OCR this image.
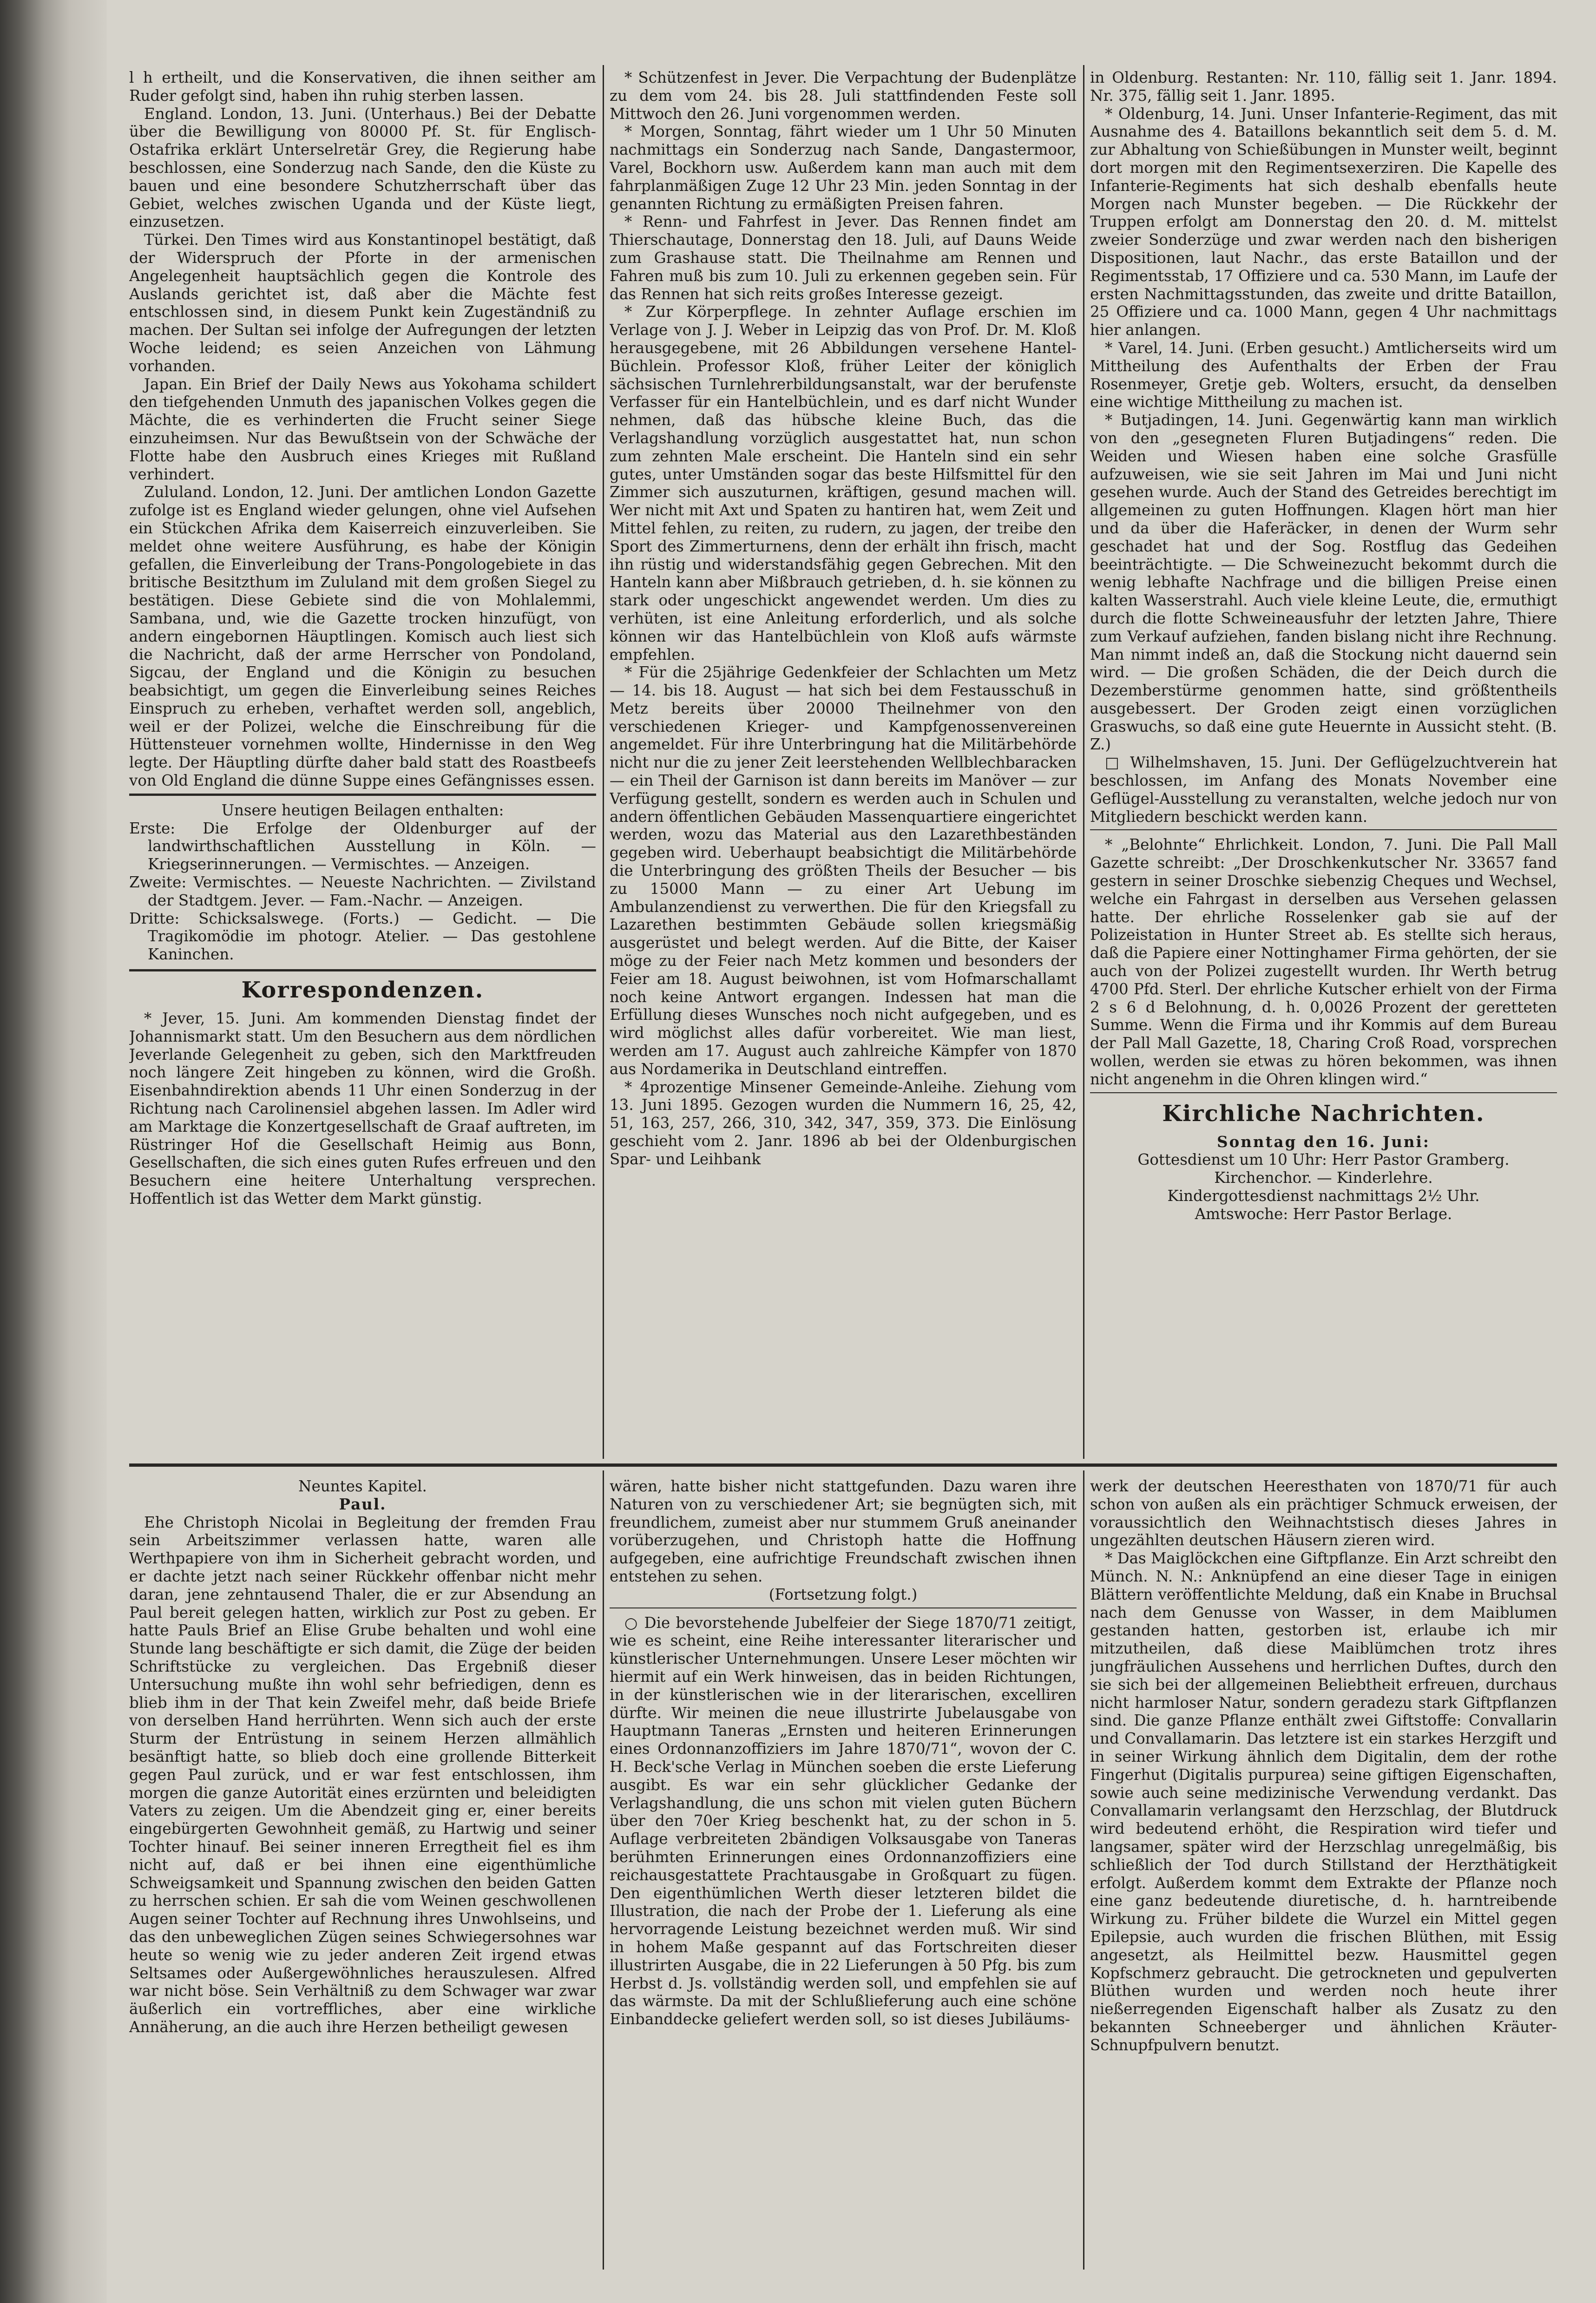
l h ertheilt, und die Konservativen, die ihnen seither am Ruder gefolgt sind, haben ihn ruhig sterben lassen.

England. London, 13. Juni. (Unterhaus.) Bei der Debatte über die Bewilligung von 80000 Pf. St. für Englisch-Ostafrika erklärt Unterselretär Grey, die Regierung habe beschlossen, eine Sonderzug nach Sande, den die Küste zu bauen und eine besondere Schutzherrschaft über das Gebiet, welches zwischen Uganda und der Küste liegt, einzusetzen.

Türkei. Den Times wird aus Konstantinopel bestätigt, daß der Widerspruch der Pforte in der armenischen Angelegenheit hauptsächlich gegen die Kontrole des Auslands gerichtet ist, daß aber die Mächte fest entschlossen sind, in diesem Punkt kein Zugeständniß zu machen. Der Sultan sei infolge der Aufregungen der letzten Woche leidend; es seien Anzeichen von Lähmung vorhanden.

Japan. Ein Brief der Daily News aus Yokohama schildert den tiefgehenden Unmuth des japanischen Volkes gegen die Mächte, die es verhinderten die Frucht seiner Siege einzuheimsen. Nur das Bewußtsein von der Schwäche der Flotte habe den Ausbruch eines Krieges mit Rußland verhindert.

Zululand. London, 12. Juni. Der amtlichen London Gazette zufolge ist es England wieder gelungen, ohne viel Aufsehen ein Stückchen Afrika dem Kaiserreich einzuverleiben. Sie meldet ohne weitere Ausführung, es habe der Königin gefallen, die Einverleibung der Trans-Pongologebiete in das britische Besitzthum im Zululand mit dem großen Siegel zu bestätigen. Diese Gebiete sind die von Mohlalemmi, Sambana, und, wie die Gazette trocken hinzufügt, von andern eingebornen Häuptlingen. Komisch auch liest sich die Nachricht, daß der arme Herrscher von Pondoland, Sigcau, der England und die Königin zu besuchen beabsichtigt, um gegen die Einverleibung seines Reiches Einspruch zu erheben, verhaftet werden soll, angeblich, weil er der Polizei, welche die Einschreibung für die Hüttensteuer vornehmen wollte, Hindernisse in den Weg legte. Der Häuptling dürfte daher bald statt des Roastbeefs von Old England die dünne Suppe eines Gefängnisses essen.

Unsere heutigen Beilagen enthalten:

Erste: Die Erfolge der Oldenburger auf der landwirthschaftlichen Ausstellung in Köln. — Kriegserinnerungen. — Vermischtes. — Anzeigen.

Zweite: Vermischtes. — Neueste Nachrichten. — Zivilstand der Stadtgem. Jever. — Fam.-Nachr. — Anzeigen.

Dritte: Schicksalswege. (Forts.) — Gedicht. — Die Tragikomödie im photogr. Atelier. — Das gestohlene Kaninchen.

Korrespondenzen.

* Jever, 15. Juni. Am kommenden Dienstag findet der Johannismarkt statt. Um den Besuchern aus dem nördlichen Jeverlande Gelegenheit zu geben, sich den Marktfreuden noch längere Zeit hingeben zu können, wird die Großh. Eisenbahndirektion abends 11 Uhr einen Sonderzug in der Richtung nach Carolinensiel abgehen lassen. Im Adler wird am Marktage die Konzertgesellschaft de Graaf auftreten, im Rüstringer Hof die Gesellschaft Heimig aus Bonn, Gesellschaften, die sich eines guten Rufes erfreuen und den Besuchern eine heitere Unterhaltung versprechen. Hoffentlich ist das Wetter dem Markt günstig.

* Schützenfest in Jever. Die Verpachtung der Budenplätze zu dem vom 24. bis 28. Juli stattfindenden Feste soll Mittwoch den 26. Juni vorgenommen werden.

* Morgen, Sonntag, fährt wieder um 1 Uhr 50 Minuten nachmittags ein Sonderzug nach Sande, Dangastermoor, Varel, Bockhorn usw. Außerdem kann man auch mit dem fahrplanmäßigen Zuge 12 Uhr 23 Min. jeden Sonntag in der genannten Richtung zu ermäßigten Preisen fahren.

* Renn- und Fahrfest in Jever. Das Rennen findet am Thierschautage, Donnerstag den 18. Juli, auf Dauns Weide zum Grashause statt. Die Theilnahme am Rennen und Fahren muß bis zum 10. Juli zu erkennen gegeben sein. Für das Rennen hat sich reits großes Interesse gezeigt.

* Zur Körperpflege. In zehnter Auflage erschien im Verlage von J. J. Weber in Leipzig das von Prof. Dr. M. Kloß herausgegebene, mit 26 Abbildungen versehene Hantel-Büchlein. Professor Kloß, früher Leiter der königlich sächsischen Turnlehrerbildungsanstalt, war der berufenste Verfasser für ein Hantelbüchlein, und es darf nicht Wunder nehmen, daß das hübsche kleine Buch, das die Verlagshandlung vorzüglich ausgestattet hat, nun schon zum zehnten Male erscheint. Die Hanteln sind ein sehr gutes, unter Umständen sogar das beste Hilfsmittel für den Zimmer sich auszuturnen, kräftigen, gesund machen will. Wer nicht mit Axt und Spaten zu hantiren hat, wem Zeit und Mittel fehlen, zu reiten, zu rudern, zu jagen, der treibe den Sport des Zimmerturnens, denn der erhält ihn frisch, macht ihn rüstig und widerstandsfähig gegen Gebrechen. Mit den Hanteln kann aber Mißbrauch getrieben, d. h. sie können zu stark oder ungeschickt angewendet werden. Um dies zu verhüten, ist eine Anleitung erforderlich, und als solche können wir das Hantelbüchlein von Kloß aufs wärmste empfehlen.

* Für die 25jährige Gedenkfeier der Schlachten um Metz — 14. bis 18. August — hat sich bei dem Festausschuß in Metz bereits über 20000 Theilnehmer von den verschiedenen Krieger- und Kampfgenossenvereinen angemeldet. Für ihre Unterbringung hat die Militärbehörde nicht nur die zu jener Zeit leerstehenden Wellblechbaracken — ein Theil der Garnison ist dann bereits im Manöver — zur Verfügung gestellt, sondern es werden auch in Schulen und andern öffentlichen Gebäuden Massenquartiere eingerichtet werden, wozu das Material aus den Lazarethbeständen gegeben wird. Ueberhaupt beabsichtigt die Militärbehörde die Unterbringung des größten Theils der Besucher — bis zu 15000 Mann — zu einer Art Uebung im Ambulanzendienst zu verwerthen. Die für den Kriegsfall zu Lazarethen bestimmten Gebäude sollen kriegsmäßig ausgerüstet und belegt werden. Auf die Bitte, der Kaiser möge zu der Feier nach Metz kommen und besonders der Feier am 18. August beiwohnen, ist vom Hofmarschallamt noch keine Antwort ergangen. Indessen hat man die Erfüllung dieses Wunsches noch nicht aufgegeben, und es wird möglichst alles dafür vorbereitet. Wie man liest, werden am 17. August auch zahlreiche Kämpfer von 1870 aus Nordamerika in Deutschland eintreffen.

* 4prozentige Minsener Gemeinde-Anleihe. Ziehung vom 13. Juni 1895. Gezogen wurden die Nummern 16, 25, 42, 51, 163, 257, 266, 310, 342, 347, 359, 373. Die Einlösung geschieht vom 2. Janr. 1896 ab bei der Oldenburgischen Spar- und Leihbank

in Oldenburg. Restanten: Nr. 110, fällig seit 1. Janr. 1894. Nr. 375, fällig seit 1. Janr. 1895.

* Oldenburg, 14. Juni. Unser Infanterie-Regiment, das mit Ausnahme des 4. Bataillons bekanntlich seit dem 5. d. M. zur Abhaltung von Schießübungen in Munster weilt, beginnt dort morgen mit den Regimentsexerziren. Die Kapelle des Infanterie-Regiments hat sich deshalb ebenfalls heute Morgen nach Munster begeben. — Die Rückkehr der Truppen erfolgt am Donnerstag den 20. d. M. mittelst zweier Sonderzüge und zwar werden nach den bisherigen Dispositionen, laut Nachr., das erste Bataillon und der Regimentsstab, 17 Offiziere und ca. 530 Mann, im Laufe der ersten Nachmittagsstunden, das zweite und dritte Bataillon, 25 Offiziere und ca. 1000 Mann, gegen 4 Uhr nachmittags hier anlangen.

* Varel, 14. Juni. (Erben gesucht.) Amtlicherseits wird um Mittheilung des Aufenthalts der Erben der Frau Rosenmeyer, Gretje geb. Wolters, ersucht, da denselben eine wichtige Mittheilung zu machen ist.

* Butjadingen, 14. Juni. Gegenwärtig kann man wirklich von den „gesegneten Fluren Butjadingens“ reden. Die Weiden und Wiesen haben eine solche Grasfülle aufzuweisen, wie sie seit Jahren im Mai und Juni nicht gesehen wurde. Auch der Stand des Getreides berechtigt im allgemeinen zu guten Hoffnungen. Klagen hört man hier und da über die Haferäcker, in denen der Wurm sehr geschadet hat und der Sog. Rostflug das Gedeihen beeinträchtigte. — Die Schweinezucht bekommt durch die wenig lebhafte Nachfrage und die billigen Preise einen kalten Wasserstrahl. Auch viele kleine Leute, die, ermuthigt durch die flotte Schweineausfuhr der letzten Jahre, Thiere zum Verkauf aufziehen, fanden bislang nicht ihre Rechnung. Man nimmt indeß an, daß die Stockung nicht dauernd sein wird. — Die großen Schäden, die der Deich durch die Dezemberstürme genommen hatte, sind größtentheils ausgebessert. Der Groden zeigt einen vorzüglichen Graswuchs, so daß eine gute Heuernte in Aussicht steht. (B. Z.)

□ Wilhelmshaven, 15. Juni. Der Geflügelzuchtverein hat beschlossen, im Anfang des Monats November eine Geflügel-Ausstellung zu veranstalten, welche jedoch nur von Mitgliedern beschickt werden kann.

* „Belohnte“ Ehrlichkeit. London, 7. Juni. Die Pall Mall Gazette schreibt: „Der Droschkenkutscher Nr. 33657 fand gestern in seiner Droschke siebenzig Cheques und Wechsel, welche ein Fahrgast in derselben aus Versehen gelassen hatte. Der ehrliche Rosselenker gab sie auf der Polizeistation in Hunter Street ab. Es stellte sich heraus, daß die Papiere einer Nottinghamer Firma gehörten, der sie auch von der Polizei zugestellt wurden. Ihr Werth betrug 4700 Pfd. Sterl. Der ehrliche Kutscher erhielt von der Firma 2 s 6 d Belohnung, d. h. 0,0026 Prozent der geretteten Summe. Wenn die Firma und ihr Kommis auf dem Bureau der Pall Mall Gazette, 18, Charing Croß Road, vorsprechen wollen, werden sie etwas zu hören bekommen, was ihnen nicht angenehm in die Ohren klingen wird.“

Kirchliche Nachrichten.
Sonntag den 16. Juni:
Gottesdienst um 10 Uhr: Herr Pastor Gramberg.
Kirchenchor. — Kinderlehre.
Kindergottesdienst nachmittags 2½ Uhr.
Amtswoche: Herr Pastor Berlage.
Neuntes Kapitel.
Paul.

Ehe Christoph Nicolai in Begleitung der fremden Frau sein Arbeitszimmer verlassen hatte, waren alle Werthpapiere von ihm in Sicherheit gebracht worden, und er dachte jetzt nach seiner Rückkehr offenbar nicht mehr daran, jene zehntausend Thaler, die er zur Absendung an Paul bereit gelegen hatten, wirklich zur Post zu geben. Er hatte Pauls Brief an Elise Grube behalten und wohl eine Stunde lang beschäftigte er sich damit, die Züge der beiden Schriftstücke zu vergleichen. Das Ergebniß dieser Untersuchung mußte ihn wohl sehr befriedigen, denn es blieb ihm in der That kein Zweifel mehr, daß beide Briefe von derselben Hand herrührten. Wenn sich auch der erste Sturm der Entrüstung in seinem Herzen allmählich besänftigt hatte, so blieb doch eine grollende Bitterkeit gegen Paul zurück, und er war fest entschlossen, ihm morgen die ganze Autorität eines erzürnten und beleidigten Vaters zu zeigen. Um die Abendzeit ging er, einer bereits eingebürgerten Gewohnheit gemäß, zu Hartwig und seiner Tochter hinauf. Bei seiner inneren Erregtheit fiel es ihm nicht auf, daß er bei ihnen eine eigenthümliche Schweigsamkeit und Spannung zwischen den beiden Gatten zu herrschen schien. Er sah die vom Weinen geschwollenen Augen seiner Tochter auf Rechnung ihres Unwohlseins, und das den unbeweglichen Zügen seines Schwiegersohnes war heute so wenig wie zu jeder anderen Zeit irgend etwas Seltsames oder Außergewöhnliches herauszulesen. Alfred war nicht böse. Sein Verhältniß zu dem Schwager war zwar äußerlich ein vortreffliches, aber eine wirkliche Annäherung, an die auch ihre Herzen betheiligt gewesen

wären, hatte bisher nicht stattgefunden. Dazu waren ihre Naturen von zu verschiedener Art; sie begnügten sich, mit freundlichem, zumeist aber nur stummem Gruß aneinander vorüberzugehen, und Christoph hatte die Hoffnung aufgegeben, eine aufrichtige Freundschaft zwischen ihnen entstehen zu sehen.

(Fortsetzung folgt.)

○ Die bevorstehende Jubelfeier der Siege 1870/71 zeitigt, wie es scheint, eine Reihe interessanter literarischer und künstlerischer Unternehmungen. Unsere Leser möchten wir hiermit auf ein Werk hinweisen, das in beiden Richtungen, in der künstlerischen wie in der literarischen, excelliren dürfte. Wir meinen die neue illustrirte Jubelausgabe von Hauptmann Taneras „Ernsten und heiteren Erinnerungen eines Ordonnanzoffiziers im Jahre 1870/71“, wovon der C. H. Beck'sche Verlag in München soeben die erste Lieferung ausgibt. Es war ein sehr glücklicher Gedanke der Verlagshandlung, die uns schon mit vielen guten Büchern über den 70er Krieg beschenkt hat, zu der schon in 5. Auflage verbreiteten 2bändigen Volksausgabe von Taneras berühmten Erinnerungen eines Ordonnanzoffiziers eine reichausgestattete Prachtausgabe in Großquart zu fügen. Den eigenthümlichen Werth dieser letzteren bildet die Illustration, die nach der Probe der 1. Lieferung als eine hervorragende Leistung bezeichnet werden muß. Wir sind in hohem Maße gespannt auf das Fortschreiten dieser illustrirten Ausgabe, die in 22 Lieferungen à 50 Pfg. bis zum Herbst d. Js. vollständig werden soll, und empfehlen sie auf das wärmste. Da mit der Schlußlieferung auch eine schöne Einbanddecke geliefert werden soll, so ist dieses Jubiläums-

werk der deutschen Heeresthaten von 1870/71 für auch schon von außen als ein prächtiger Schmuck erweisen, der voraussichtlich den Weihnachtstisch dieses Jahres in ungezählten deutschen Häusern zieren wird.

* Das Maiglöckchen eine Giftpflanze. Ein Arzt schreibt den Münch. N. N.: Anknüpfend an eine dieser Tage in einigen Blättern veröffentlichte Meldung, daß ein Knabe in Bruchsal nach dem Genusse von Wasser, in dem Maiblumen gestanden hatten, gestorben ist, erlaube ich mir mitzutheilen, daß diese Maiblümchen trotz ihres jungfräulichen Aussehens und herrlichen Duftes, durch den sie sich bei der allgemeinen Beliebtheit erfreuen, durchaus nicht harmloser Natur, sondern geradezu stark Giftpflanzen sind. Die ganze Pflanze enthält zwei Giftstoffe: Convallarin und Convallamarin. Das letztere ist ein starkes Herzgift und in seiner Wirkung ähnlich dem Digitalin, dem der rothe Fingerhut (Digitalis purpurea) seine giftigen Eigenschaften, sowie auch seine medizinische Verwendung verdankt. Das Convallamarin verlangsamt den Herzschlag, der Blutdruck wird bedeutend erhöht, die Respiration wird tiefer und langsamer, später wird der Herzschlag unregelmäßig, bis schließlich der Tod durch Stillstand der Herzthätigkeit erfolgt. Außerdem kommt dem Extrakte der Pflanze noch eine ganz bedeutende diuretische, d. h. harntreibende Wirkung zu. Früher bildete die Wurzel ein Mittel gegen Epilepsie, auch wurden die frischen Blüthen, mit Essig angesetzt, als Heilmittel bezw. Hausmittel gegen Kopfschmerz gebraucht. Die getrockneten und gepulverten Blüthen wurden und werden noch heute ihrer nießerregenden Eigenschaft halber als Zusatz zu den bekannten Schneeberger und ähnlichen Kräuter-Schnupfpulvern benutzt.
